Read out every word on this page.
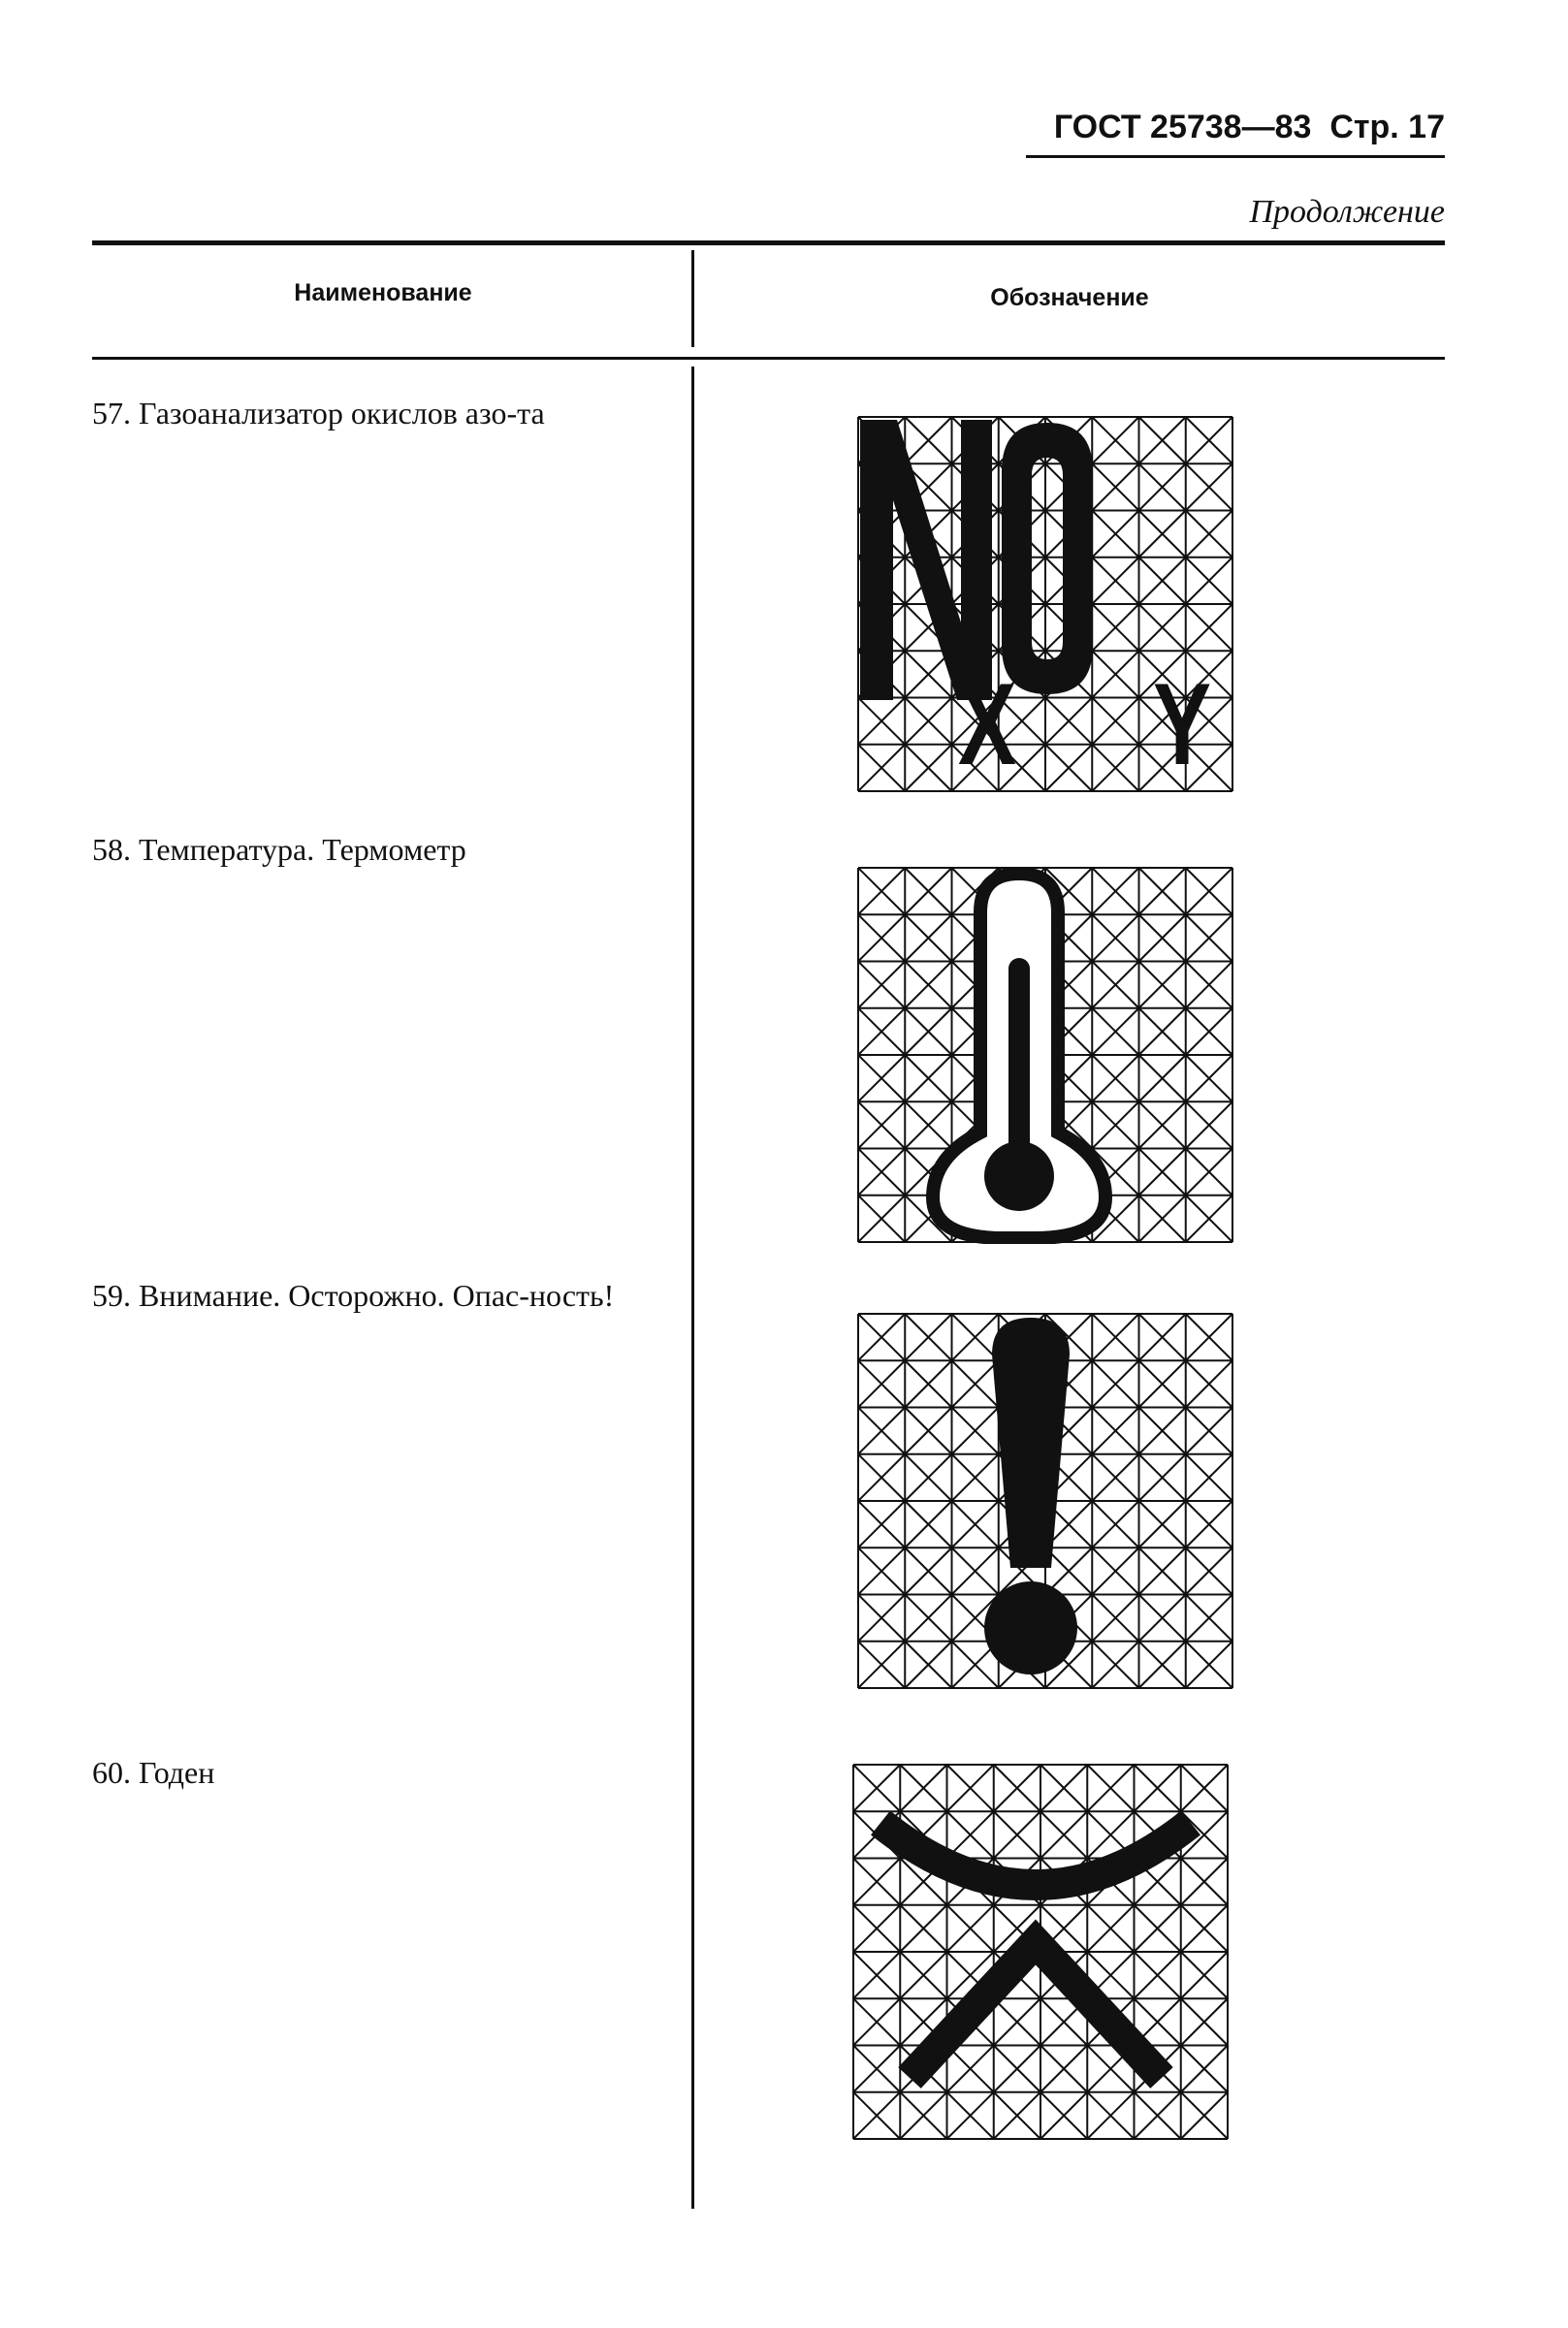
ГОСТ 25738—83 Стр. 17
Продолжение
Наименование	Обозначение
57. Газоанализатор окислов азо-та
X Y
58. Температура. Термометр
59. Внимание. Осторожно. Опас-ность!
60. Годен
